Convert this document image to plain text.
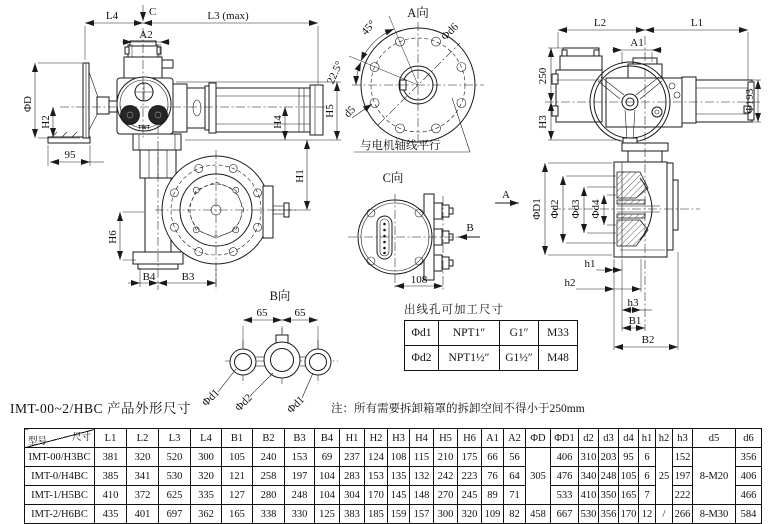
TWT
L4	C	L3 (max)
A2
ΦD
H2
95
H5
H4
H1
H6
B4 B3
A向
45°
22.5°
Φd6
d5
与电机轴线平行
C向
108
A
B
B向
65 65
Φd1 Φd2	Φd1
L2	L1
A1
250
H3
Φ193
ΦD1 Φd2 Φd3 Φd4
h1
h2
h3
B1
B2
出线孔可加工尺寸
Φd1	NPT1″	G1″	M33
Φd2	NPT1½″	G1½″	M48
IMT-00~2/HBC 产品外形尺寸	注：所有需要拆卸箱罩的拆卸空间不得小于250mm
尺寸
型号	L1	L2	L3	L4	B1	B2	B3	B4	H1	H2	H3	H4	H5	H6	A1	A2	ΦD	ΦD1	d2	d3	d4	h1	h2	h3	d5	d6
IMT-00/H3BC	381	320	520	300	105	240	153	69	237	124	108	115	210	175	66	56	305	406	310	203	95	6	25	152	8-M20	356
IMT-0/H4BC	385	341	530	320	121	258	197	104	283	153	135	132	242	223	76	64		476	340	248	105	6		197		406
IMT-1/H5BC	410	372	625	335	127	280	248	104	304	170	145	148	270	245	89	71		533	410	350	165	7		222		466
IMT-2/H6BC	435	401	697	362	165	338	330	125	383	185	159	157	300	320	109	82	458	667	530	356	170	12	/	266	8-M30	584
